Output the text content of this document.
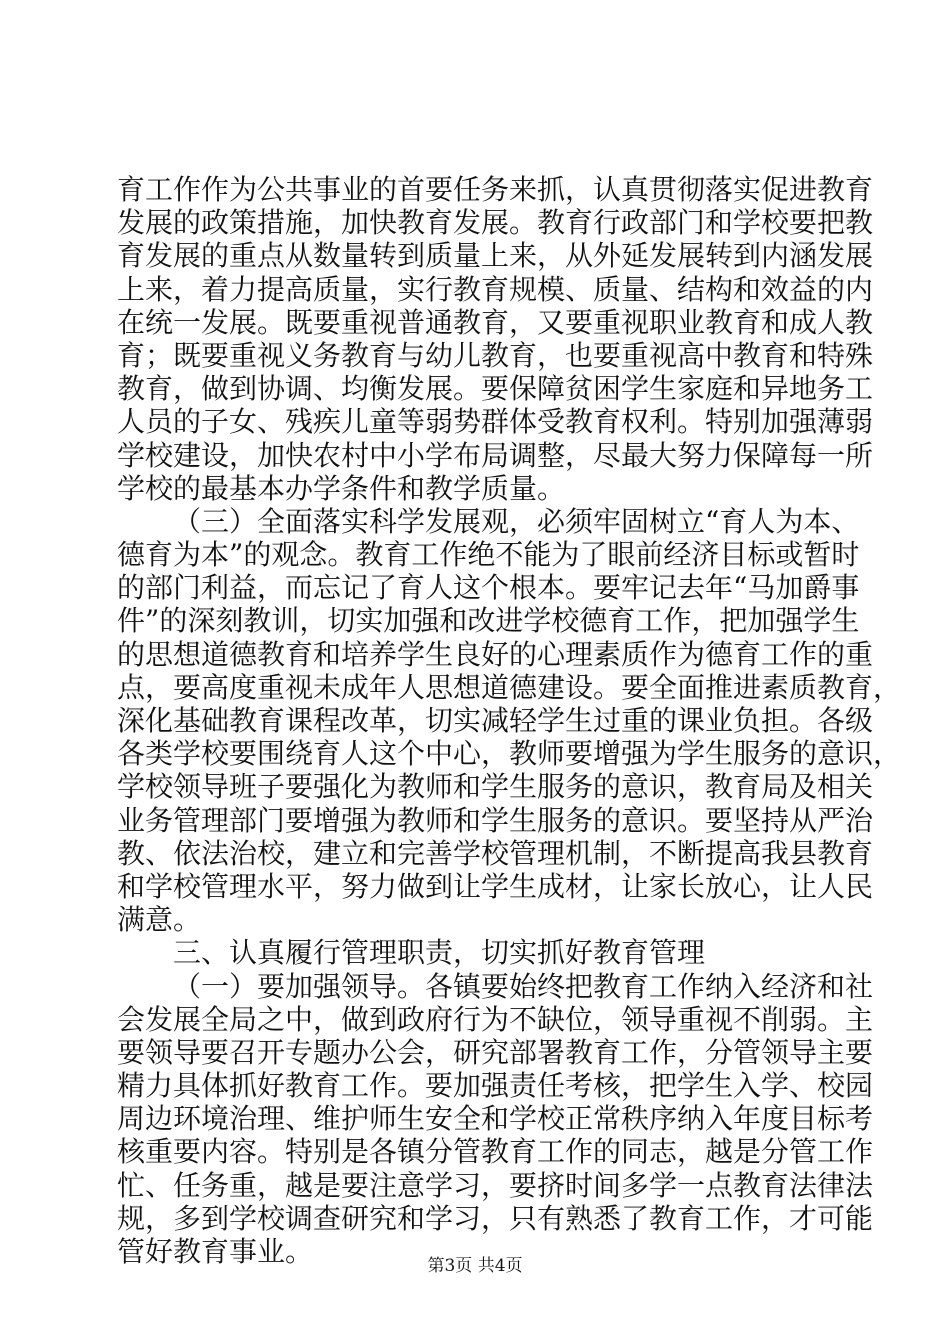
育工作作为公共事业的首要任务来抓，认真贯彻落实促进教育
发展的政策措施，加快教育发展。教育行政部门和学校要把教
育发展的重点从数量转到质量上来，从外延发展转到内涵发展
上来，着力提高质量，实行教育规模、质量、结构和效益的内
在统一发展。既要重视普通教育，又要重视职业教育和成人教
育；既要重视义务教育与幼儿教育，也要重视高中教育和特殊
教育，做到协调、均衡发展。要保障贫困学生家庭和异地务工
人员的子女、残疾儿童等弱势群体受教育权利。特别加强薄弱
学校建设，加快农村中小学布局调整，尽最大努力保障每一所
学校的最基本办学条件和教学质量。
（三）全面落实科学发展观，必须牢固树立“育人为本、
德育为本”的观念。教育工作绝不能为了眼前经济目标或暂时
的部门利益，而忘记了育人这个根本。要牢记去年“马加爵事
件”的深刻教训，切实加强和改进学校德育工作，把加强学生
的思想道德教育和培养学生良好的心理素质作为德育工作的重
点，要高度重视未成年人思想道德建设。要全面推进素质教育，
深化基础教育课程改革，切实减轻学生过重的课业负担。各级
各类学校要围绕育人这个中心，教师要增强为学生服务的意识，
学校领导班子要强化为教师和学生服务的意识，教育局及相关
业务管理部门要增强为教师和学生服务的意识。要坚持从严治
教、依法治校，建立和完善学校管理机制，不断提高我县教育
和学校管理水平，努力做到让学生成材，让家长放心，让人民
满意。
三、认真履行管理职责，切实抓好教育管理
（一）要加强领导。各镇要始终把教育工作纳入经济和社
会发展全局之中，做到政府行为不缺位，领导重视不削弱。主
要领导要召开专题办公会，研究部署教育工作，分管领导主要
精力具体抓好教育工作。要加强责任考核，把学生入学、校园
周边环境治理、维护师生安全和学校正常秩序纳入年度目标考
核重要内容。特别是各镇分管教育工作的同志，越是分管工作
忙、任务重，越是要注意学习，要挤时间多学一点教育法律法
规，多到学校调查研究和学习，只有熟悉了教育工作，才可能
管好教育事业。	第3页 共4页
